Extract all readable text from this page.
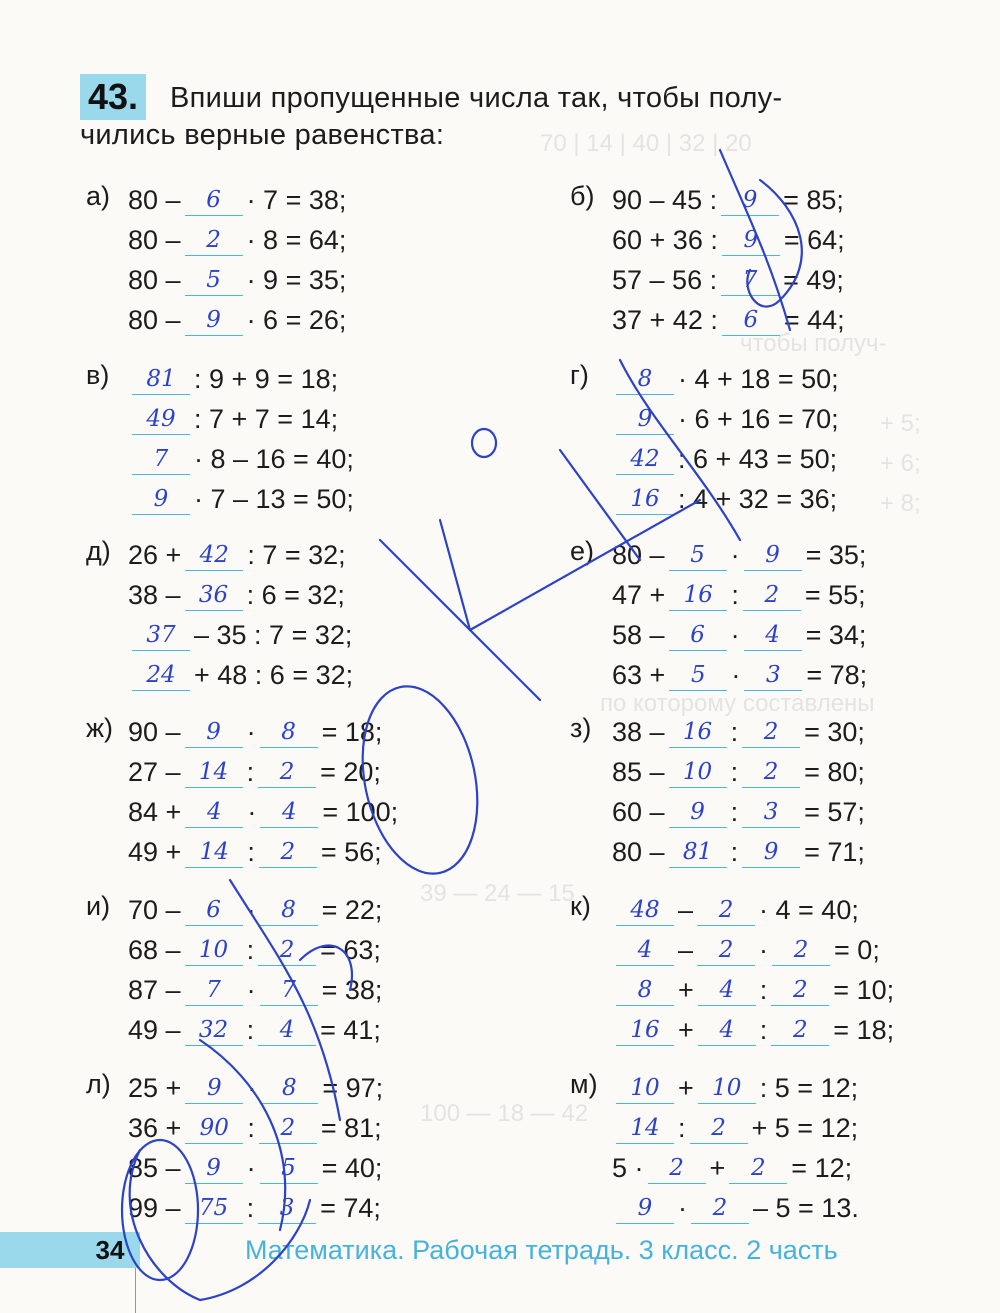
70 | 14 | 40 | 32 | 20
чтобы получ-
+ 5;
+ 6;
+ 8;
по которому составлены
39 — 24 — 15
100 — 18 — 42
43. Впиши пропущенные числа так, чтобы полу-
чились верные равенства:
а) 80 –	6 · 7 = 38;
80 –	2 · 8 = 64;
80 –	5 · 9 = 35;
80 –	9 · 6 = 26;
б) 90 – 45 :	9 = 85;
60 + 36 :	9 = 64;
57 – 56 :	7 = 49;
37 + 42 :	6 = 44;
в)	81 : 9 + 9 = 18;
49 : 7 + 7 = 14;
7 · 8 – 16 = 40;
9 · 7 – 13 = 50;
г)	8 · 4 + 18 = 50;
9 · 6 + 16 = 70;
42 : 6 + 43 = 50;
16 : 4 + 32 = 36;
д) 26 + 42 : 7 = 32;
38 – 36 : 6 = 32;
37 – 35 : 7 = 32;
24 + 48 : 6 = 32;
е) 80 –	5 ·	9 = 35;
47 + 16 :	2 = 55;
58 –	6 ·	4 = 34;
63 +	5 ·	3 = 78;
ж) 90 –	9 ·	8 = 18;
27 – 14 :	2 = 20;
84 +	4 ·	4 = 100;
49 + 14 :	2 = 56;
з) 38 – 16 :	2 = 30;
85 – 10 :	2 = 80;
60 –	9 :	3 = 57;
80 – 81 :	9 = 71;
и) 70 –	6 ·	8 = 22;
68 – 10 :	2 = 63;
87 –	7 ·	7 = 38;
49 – 32 :	4 = 41;
к)	48 –	2 · 4 = 40;
4 –	2 ·	2 = 0;
8 +	4 :	2 = 10;
16 +	4 :	2 = 18;
л) 25 +	9 ·	8 = 97;
36 + 90 :	2 = 81;
85 –	9 ·	5 = 40;
99 – 75 :	3 = 74;
м)	10 + 10 : 5 = 12;
14 :	2 + 5 = 12;
5 ·	2 +	2 = 12;
9 ·	2 – 5 = 13.
34	Математика. Рабочая тетрадь. 3 класс. 2 часть
